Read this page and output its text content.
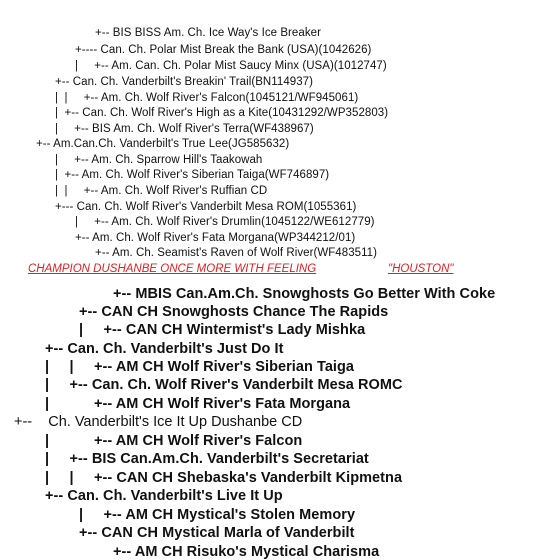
+-- BIS BISS Am. Ch. Ice Way's Ice Breaker
+---- Can. Ch. Polar Mist Break the Bank (USA)(1042626)
|     +-- Am. Can. Ch. Polar Mist Saucy Minx (USA)(1012747)
+-- Can. Ch. Vanderbilt's Breakin' Trail(BN114937)
|  |     +-- Am. Ch. Wolf River's Falcon(1045121/WF945061)
|  +-- Can. Ch. Wolf River's High as a Kite(10431292/WP352803)
|     +-- BIS Am. Ch. Wolf River's Terra(WF438967)
+-- Am.Can.Ch. Vanderbilt's True Lee(JG585632)
|     +-- Am. Ch. Sparrow Hill's Taakowah
|  +-- Am. Ch. Wolf River's Siberian Taiga(WF746897)
|  |     +-- Am. Ch. Wolf River's Ruffian CD
+--- Can. Ch. Wolf River's Vanderbilt Mesa ROM(1055361)
|     +-- Am. Ch. Wolf River's Drumlin(1045122/WE612779)
+-- Am. Ch. Wolf River's Fata Morgana(WP344212/01)
+-- Am. Ch. Seamist's Raven of Wolf River(WF483511)
CHAMPION DUSHANBE ONCE MORE WITH FEELING	"HOUSTON"
+-- MBIS Can.Am.Ch. Snowghosts Go Better With Coke
+-- CAN CH Snowghosts Chance The Rapids
|     +-- CAN CH Wintermist's Lady Mishka
+-- Can. Ch. Vanderbilt's Just Do It
|     |     +-- AM CH Wolf River's Siberian Taiga
|     +-- Can. Ch. Wolf River's Vanderbilt Mesa ROMC
|           +-- AM CH Wolf River's Fata Morgana
+--    Ch. Vanderbilt's Ice It Up Dushanbe CD
|           +-- AM CH Wolf River's Falcon
|     +-- BIS Can.Am.Ch. Vanderbilt's Secretariat
|     |     +-- CAN CH Shebaska's Vanderbilt Kipmetna
+-- Can. Ch. Vanderbilt's Live It Up
|     +-- AM CH Mystical's Stolen Memory
+-- CAN CH Mystical Marla of Vanderbilt
+-- AM CH Risuko's Mystical Charisma
